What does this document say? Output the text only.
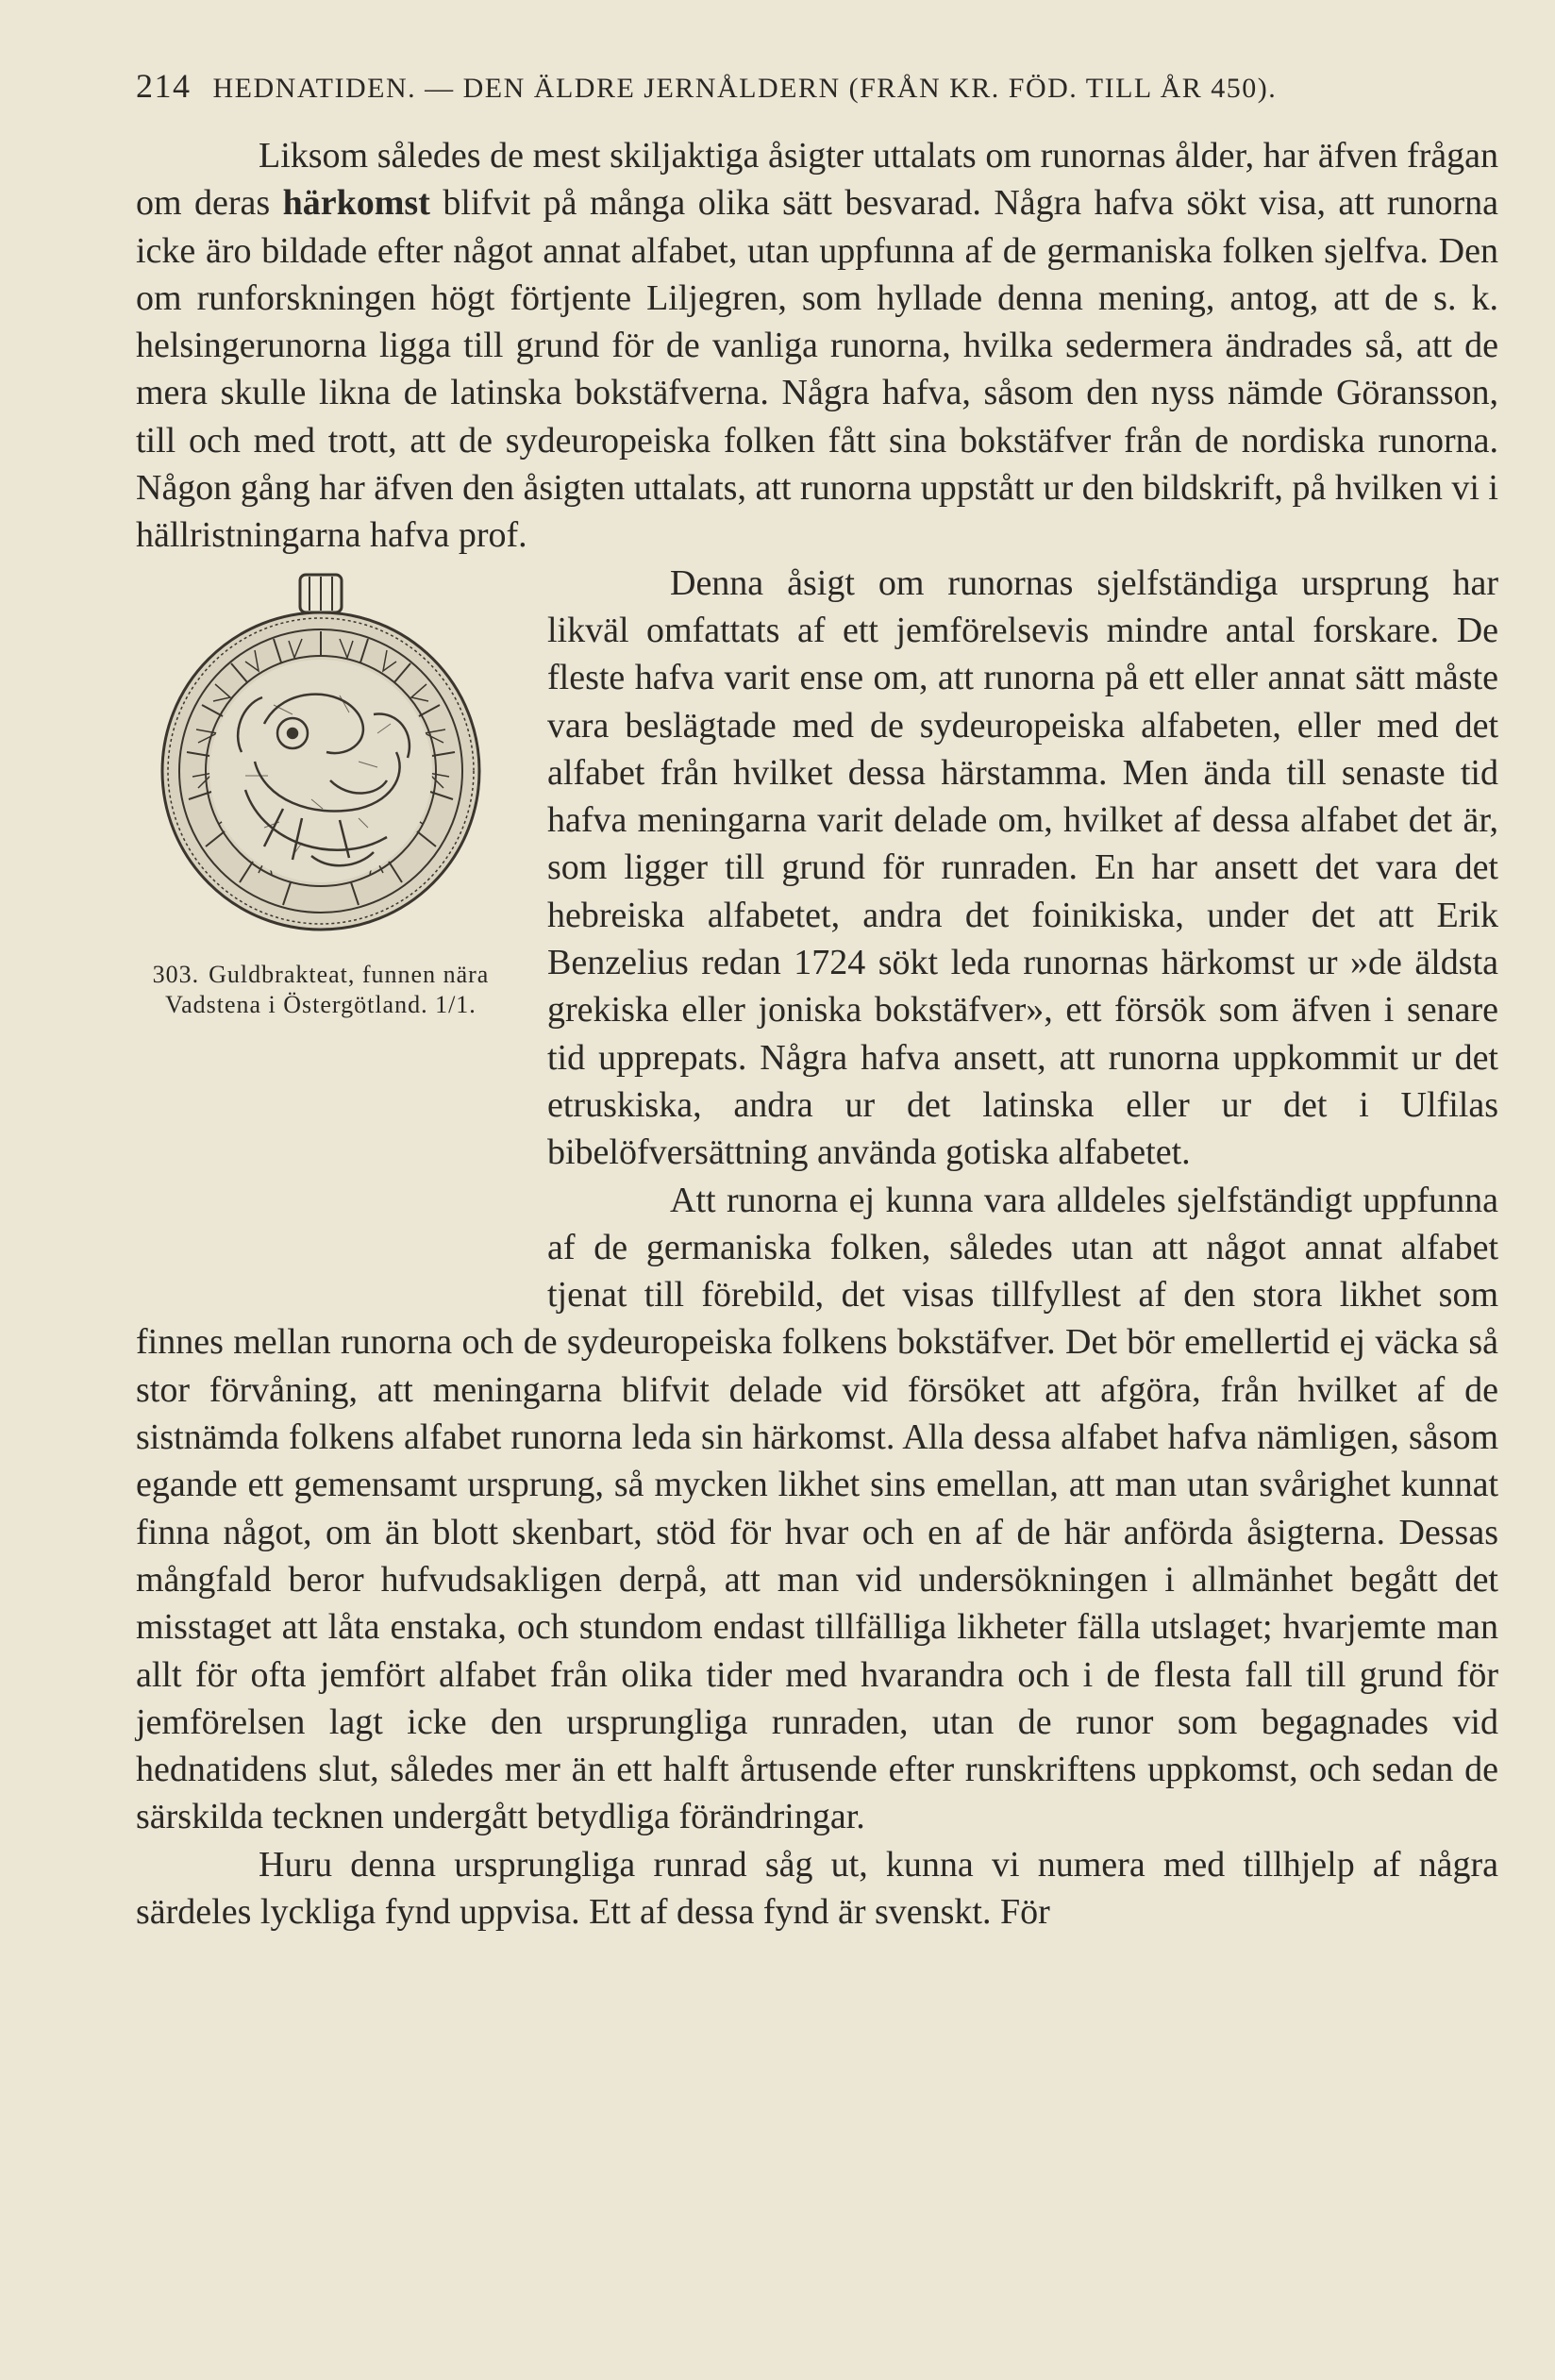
214 HEDNATIDEN. — DEN ÄLDRE JERNÅLDERN (FRÅN KR. FÖD. TILL ÅR 450).

Liksom således de mest skiljaktiga åsigter uttalats om runornas ålder, har äfven frågan om deras härkomst blifvit på många olika sätt besvarad. Några hafva sökt visa, att runorna icke äro bildade efter något annat alfabet, utan uppfunna af de germaniska folken sjelfva. Den om runforskningen högt förtjente Liljegren, som hyllade denna mening, antog, att de s. k. helsingerunorna ligga till grund för de vanliga runorna, hvilka sedermera ändrades så, att de mera skulle likna de latinska bokstäfverna. Några hafva, såsom den nyss nämde Göransson, till och med trott, att de sydeuropeiska folken fått sina bokstäfver från de nordiska runorna. Någon gång har äfven den åsigten uttalats, att runorna uppstått ur den bildskrift, på hvilken vi i hällristningarna hafva prof.

303. Guldbrakteat, funnen nära Vadstena i Östergötland. 1/1.

Denna åsigt om runornas sjelfständiga ursprung har likväl omfattats af ett jemförelsevis mindre antal forskare. De fleste hafva varit ense om, att runorna på ett eller annat sätt måste vara beslägtade med de sydeuropeiska alfabeten, eller med det alfabet från hvilket dessa härstamma. Men ända till senaste tid hafva meningarna varit delade om, hvilket af dessa alfabet det är, som ligger till grund för runraden. En har ansett det vara det hebreiska alfabetet, andra det foinikiska, under det att Erik Benzelius redan 1724 sökt leda runornas härkomst ur »de äldsta grekiska eller joniska bokstäfver», ett försök som äfven i senare tid upprepats. Några hafva ansett, att runorna uppkommit ur det etruskiska, andra ur det latinska eller ur det i Ulfilas bibelöfversättning använda gotiska alfabetet.

Att runorna ej kunna vara alldeles sjelfständigt uppfunna af de germaniska folken, således utan att något annat alfabet tjenat till förebild, det visas tillfyllest af den stora likhet som finnes mellan runorna och de sydeuropeiska folkens bokstäfver. Det bör emellertid ej väcka så stor förvåning, att meningarna blifvit delade vid försöket att afgöra, från hvilket af de sistnämda folkens alfabet runorna leda sin härkomst. Alla dessa alfabet hafva nämligen, såsom egande ett gemensamt ursprung, så mycken likhet sins emellan, att man utan svårighet kunnat finna något, om än blott skenbart, stöd för hvar och en af de här anförda åsigterna. Dessas mångfald beror hufvudsakligen derpå, att man vid undersökningen i allmänhet begått det misstaget att låta enstaka, och stundom endast tillfälliga likheter fälla utslaget; hvarjemte man allt för ofta jemfört alfabet från olika tider med hvarandra och i de flesta fall till grund för jemförelsen lagt icke den ursprungliga runraden, utan de runor som begagnades vid hednatidens slut, således mer än ett halft årtusende efter runskriftens uppkomst, och sedan de särskilda tecknen undergått betydliga förändringar.

Huru denna ursprungliga runrad såg ut, kunna vi numera med tillhjelp af några särdeles lyckliga fynd uppvisa. Ett af dessa fynd är svenskt. För
